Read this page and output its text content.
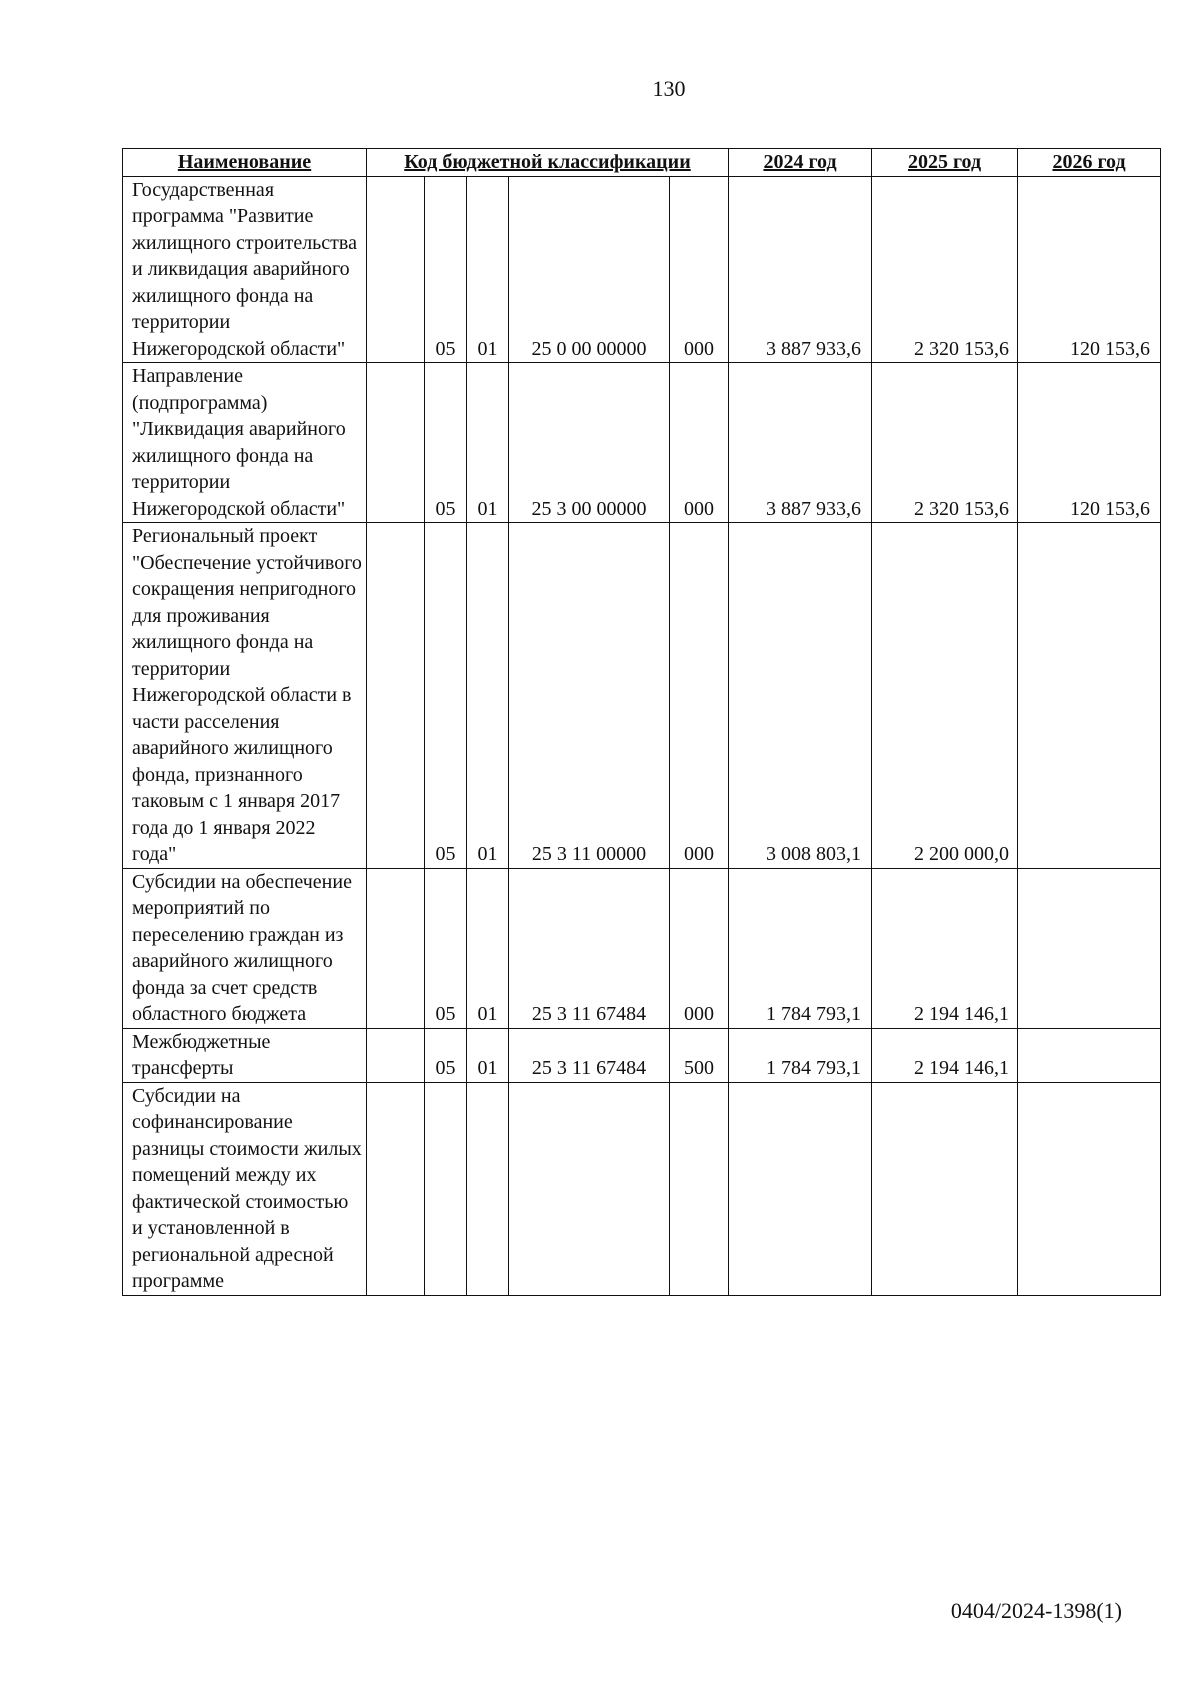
130
Наименование	Код бюджетной классификации					2024 год	2025 год	2026 год
Государственная программа "Развитие жилищного строительства и ликвидация аварийного жилищного фонда на территории Нижегородской области"		05	01	25 0 00 00000	000	3 887 933,6	2 320 153,6	120 153,6
Направление (подпрограмма) "Ликвидация аварийного жилищного фонда на территории Нижегородской области"		05	01	25 3 00 00000	000	3 887 933,6	2 320 153,6	120 153,6
Региональный проект "Обеспечение устойчивого сокращения непригодного для проживания жилищного фонда на территории Нижегородской области в части расселения аварийного жилищного фонда, признанного таковым с 1 января 2017 года до 1 января 2022 года"		05	01	25 3 11 00000	000	3 008 803,1	2 200 000,0	
Субсидии на обеспечение мероприятий по переселению граждан из аварийного жилищного фонда за счет средств областного бюджета		05	01	25 3 11 67484	000	1 784 793,1	2 194 146,1	
Межбюджетные трансферты		05	01	25 3 11 67484	500	1 784 793,1	2 194 146,1	
Субсидии на софинансирование разницы стоимости жилых помещений между их фактической стоимостью и установленной в региональной адресной программе								
0404/2024-1398(1)
